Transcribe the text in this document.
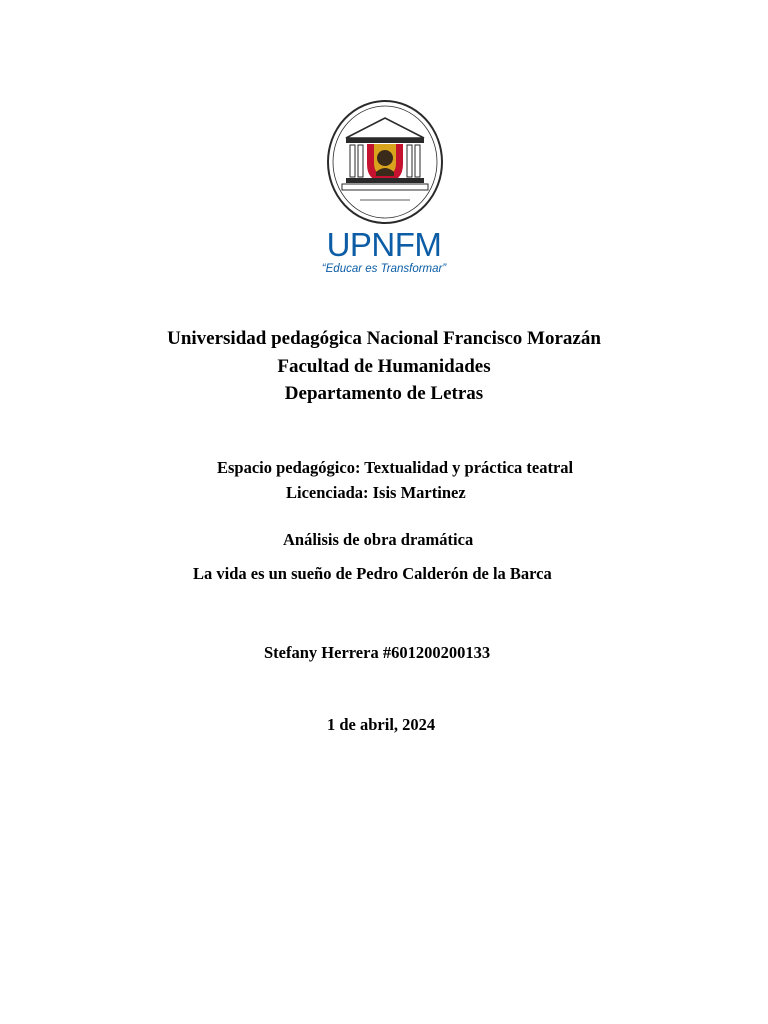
UPNFM
“Educar es Transformar”
Universidad pedagógica Nacional Francisco Morazán
Facultad de Humanidades
Departamento de Letras
Espacio pedagógico: Textualidad y práctica teatral
Licenciada: Isis Martinez
Análisis de obra dramática
La vida es un sueño de Pedro Calderón de la Barca
Stefany Herrera #601200200133
1 de abril, 2024
